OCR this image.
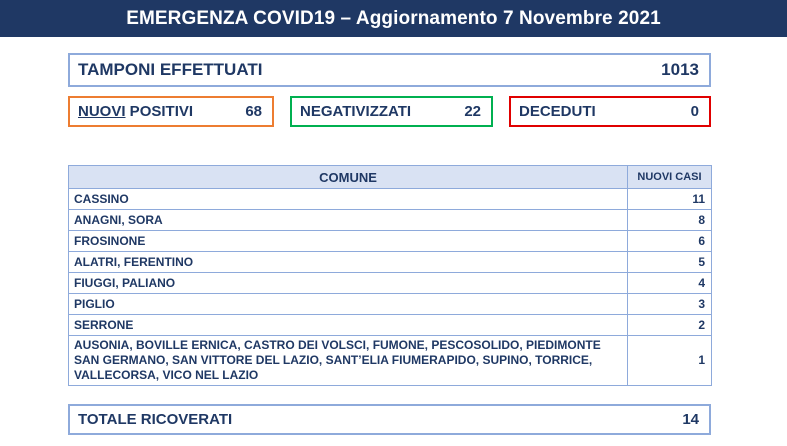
EMERGENZA COVID19 – Aggiornamento 7 Novembre 2021
TAMPONI EFFETTUATI	1013
NUOVI POSITIVI	68	NEGATIVIZZATI	22	DECEDUTI	0
COMUNE	NUOVI CASI
CASSINO	11
ANAGNI, SORA	8
FROSINONE	6
ALATRI, FERENTINO	5
FIUGGI, PALIANO	4
PIGLIO	3
SERRONE	2
AUSONIA, BOVILLE ERNICA, CASTRO DEI VOLSCI, FUMONE, PESCOSOLIDO, PIEDIMONTE SAN GERMANO, SAN VITTORE DEL LAZIO, SANT’ELIA FIUMERAPIDO, SUPINO, TORRICE, VALLECORSA, VICO NEL LAZIO	1
TOTALE RICOVERATI	14
